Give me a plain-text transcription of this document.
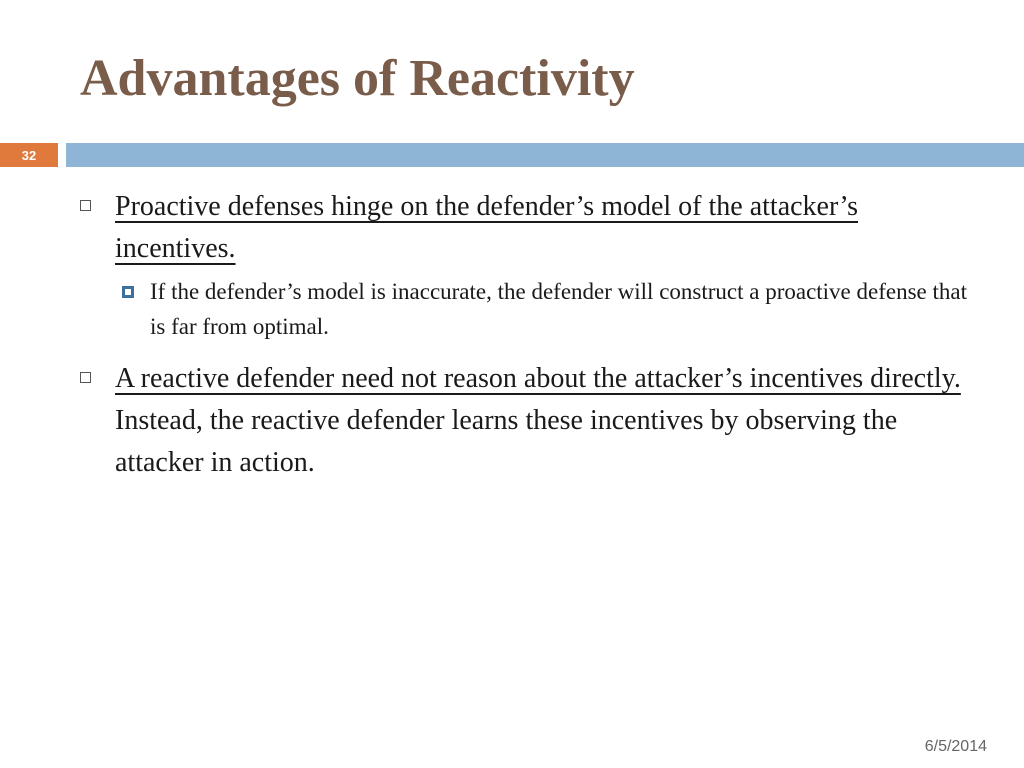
Advantages of Reactivity
32
Proactive defenses hinge on the defender’s model of the attacker’s incentives.
If the defender’s model is inaccurate, the defender will construct a proactive defense that is far from optimal.
A reactive defender need not reason about the attacker’s incentives directly. Instead, the reactive defender learns these incentives by observing the attacker in action.
6/5/2014
